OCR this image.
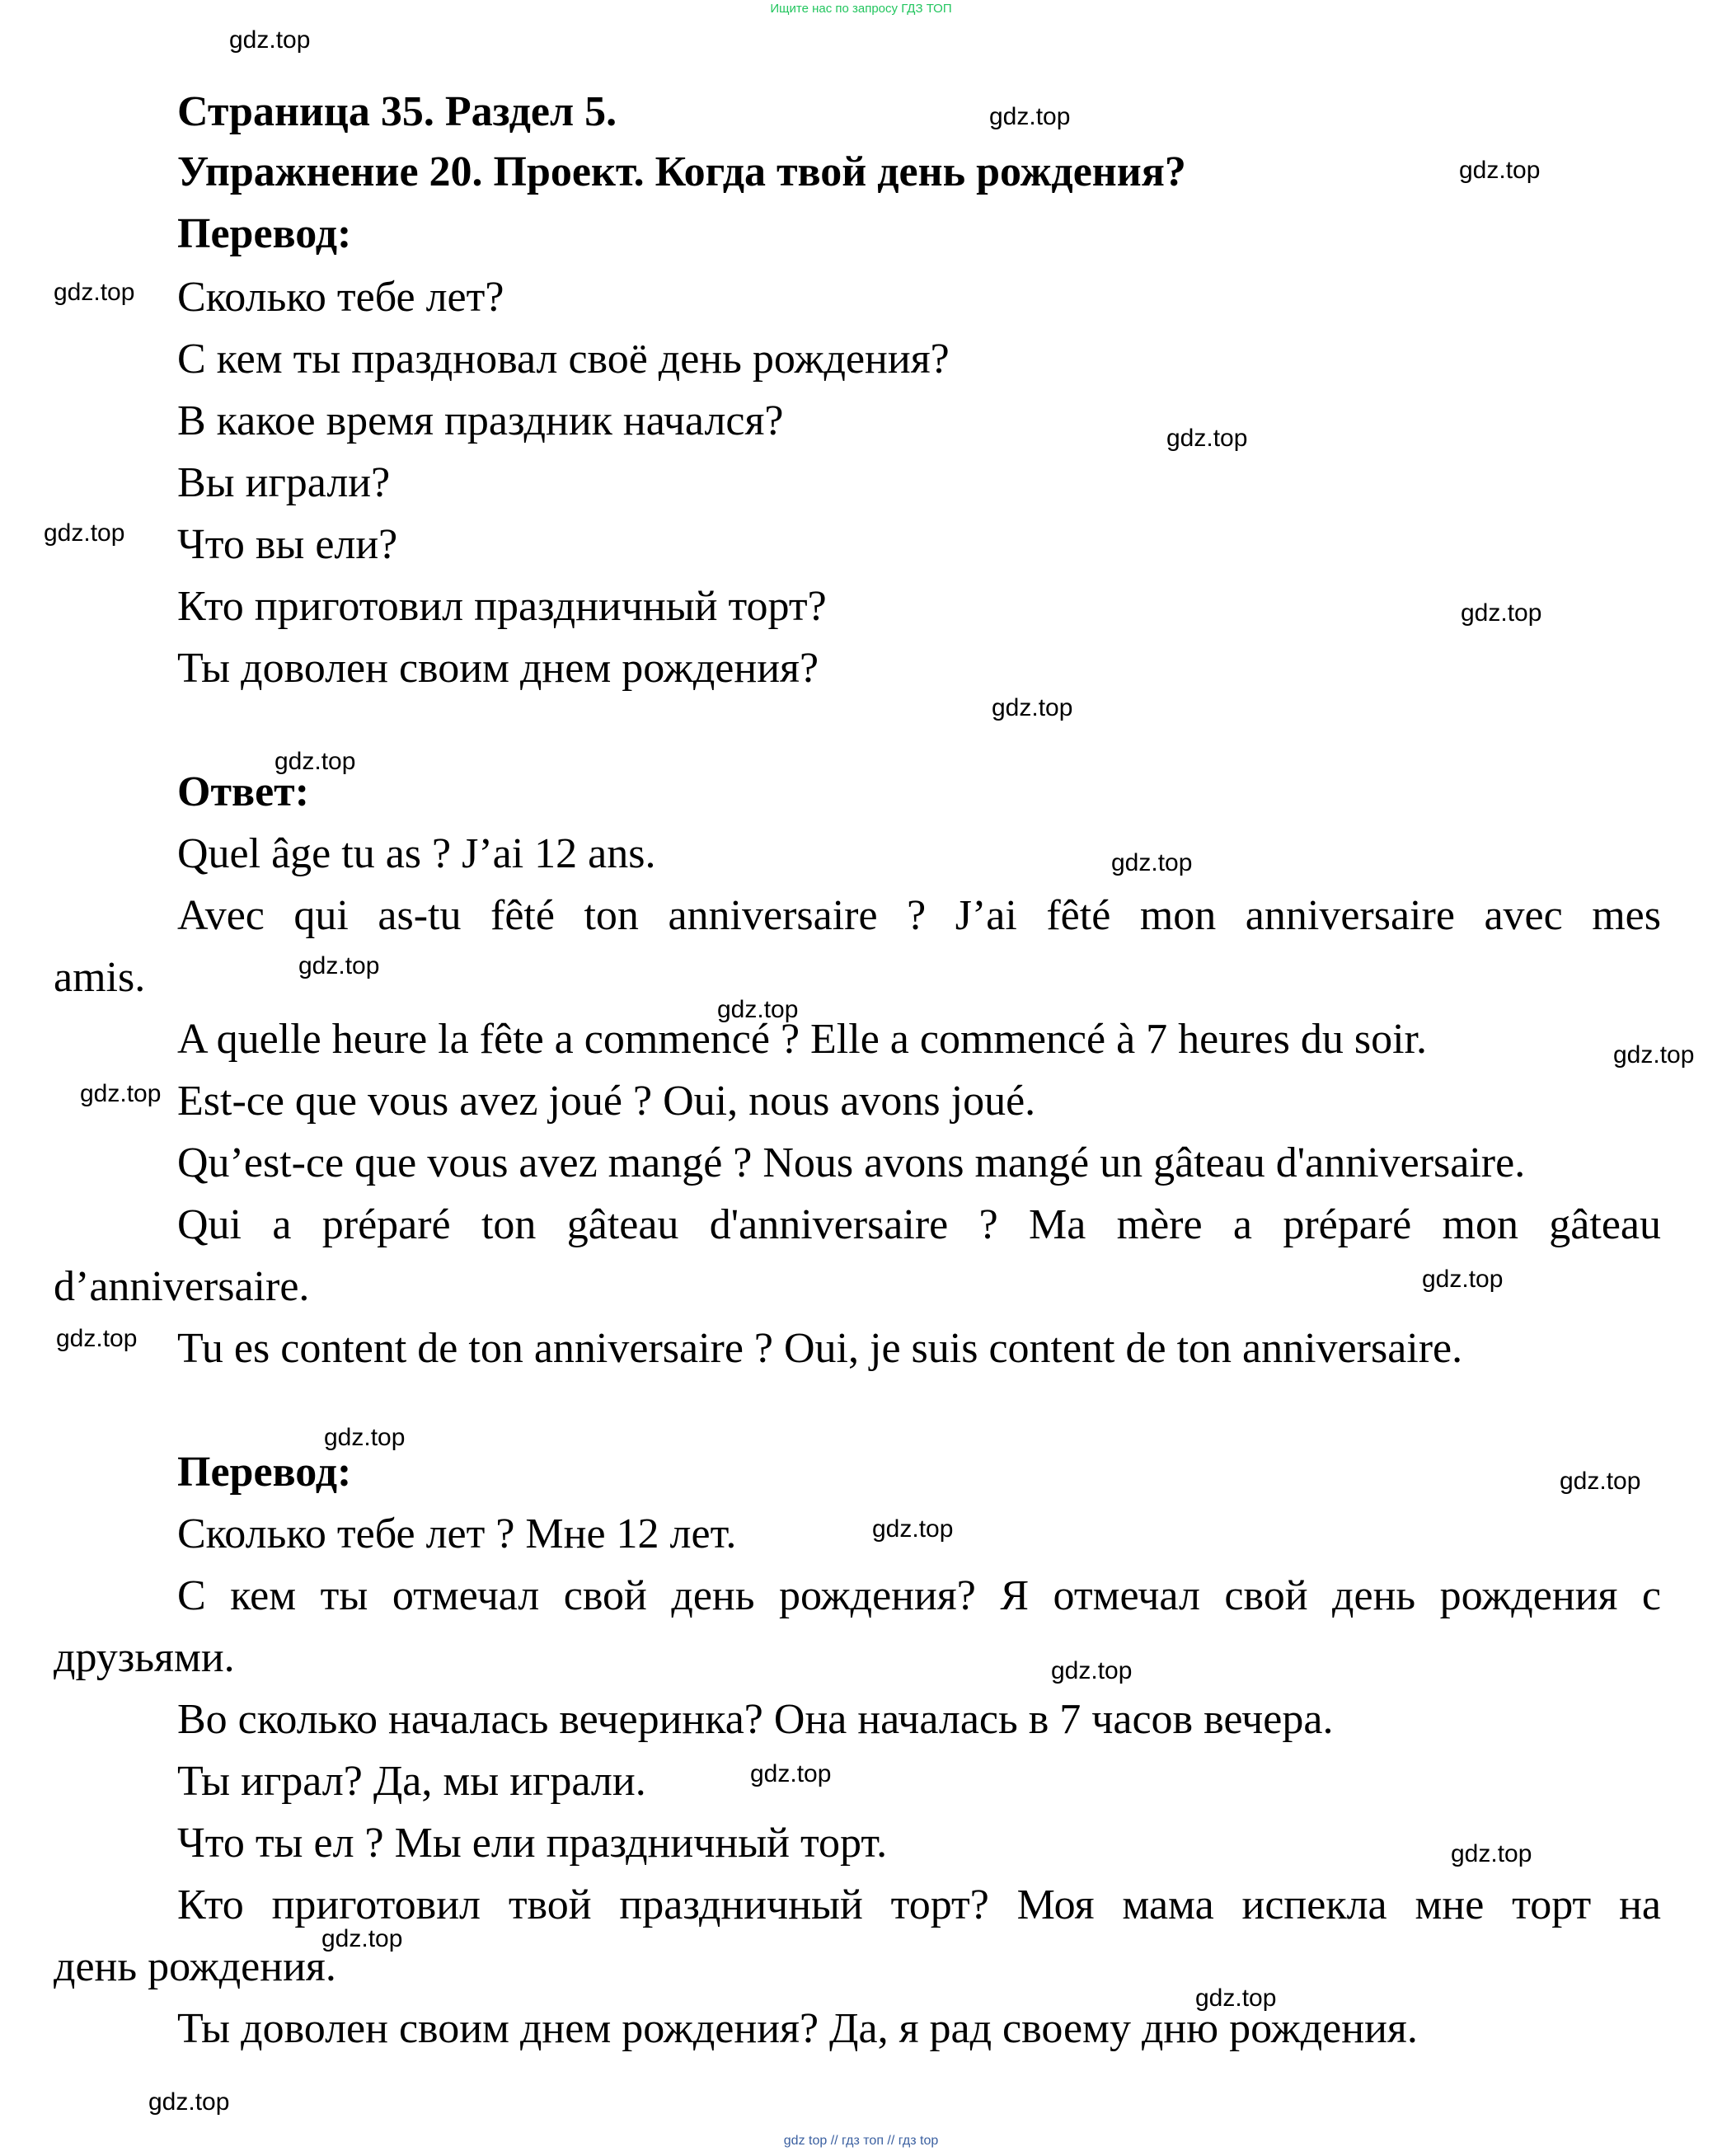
Ищите нас по запросу ГДЗ ТОП
gdz.top
gdz.top
gdz.top
gdz.top
gdz.top
gdz.top
gdz.top
gdz.top
gdz.top
gdz.top
gdz.top
gdz.top
gdz.top
gdz.top
gdz.top
gdz.top
gdz.top
gdz.top
gdz.top
gdz.top
gdz.top
gdz.top
gdz.top
gdz.top
gdz.top
Страница 35. Раздел 5.
Упражнение 20. Проект. Когда твой день рождения?
Перевод:
Сколько тебе лет?
С кем ты праздновал своё день рождения?
В какое время праздник начался?
Вы играли?
Что вы ели?
Кто приготовил праздничный торт?
Ты доволен своим днем рождения?
Ответ:
Quel âge tu as ? J’ai 12 ans.
Avec qui as-tu fêté ton anniversaire ? J’ai fêté mon anniversaire avec mes
amis.
A quelle heure la fête a commencé ? Elle a commencé à 7 heures du soir.
Est-ce que vous avez joué ? Oui, nous avons joué.
Qu’est-ce que vous avez mangé ? Nous avons mangé un gâteau d'anniversaire.
Qui a préparé ton gâteau d'anniversaire ? Ma mère a préparé mon gâteau
d’anniversaire.
Tu es content de ton anniversaire ? Oui, je suis content de ton anniversaire.
Перевод:
Сколько тебе лет ? Мне 12 лет.
С кем ты отмечал свой день рождения? Я отмечал свой день рождения с
друзьями.
Во сколько началась вечеринка? Она началась в 7 часов вечера.
Ты играл? Да, мы играли.
Что ты ел ? Мы ели праздничный торт.
Кто приготовил твой праздничный торт? Моя мама испекла мне торт на
день рождения.
Ты доволен своим днем рождения? Да, я рад своему дню рождения.
gdz top // гдз топ // гдз top
